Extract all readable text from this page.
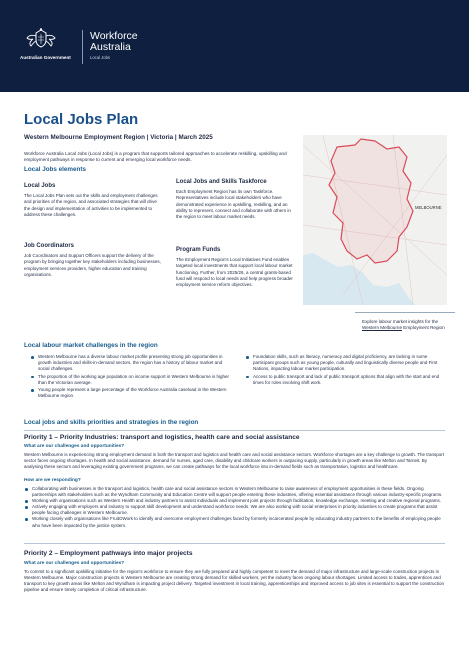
Australian Government
Workforce
Australia
Local Jobs
Local Jobs Plan
Western Melbourne Employment Region | Victoria | March 2025
Workforce Australia Local Jobs (Local Jobs) is a program that supports tailored approaches to accelerate reskilling, upskilling and employment pathways in response to current and emerging local workforce needs.
Local Jobs elements
Local Jobs
The Local Jobs Plan sets out the skills and employment challenges and priorities of the region, and associated strategies that will drive the design and implementation of activities to be implemented to address these challenges.
Job Coordinators
Job Coordinators and Support Officers support the delivery of the program by bringing together key stakeholders including businesses, employment services providers, higher education and training organisations.
Local Jobs and Skills Taskforce
Each Employment Region has its own Taskforce. Representatives include local stakeholders who have demonstrated experience in upskilling, reskilling, and an ability to represent, connect and collaborate with others in the region to meet labour market needs.
Program Funds
The Employment Region's Local Initiatives Fund enables targeted local investments that support local labour market functioning. Further, from 2025/26, a central grants-based fund will respond to local needs and help progress broader employment service reform objectives.
MELBOURNE
Explore labour market insights for the Western Melbourne Employment Region
Local labour market challenges in the region
Western Melbourne has a diverse labour market profile presenting strong job opportunities in growth industries and skills-in-demand sectors, the region has a history of labour market and social challenges.
The proportion of the working age population on income support in Western Melbourne is higher than the Victorian average.
Young people represent a large percentage of the Workforce Australia caseload in the Western Melbourne region.
Foundation skills, such as literacy, numeracy and digital proficiency, are lacking in some participant groups such as young people, culturally and linguistically diverse people and First Nations, impacting labour market participation.
Access to public transport and lack of public transport options that align with the start and end times for roles involving shift work.
Local jobs and skills priorities and strategies in the region
Priority 1 – Priority Industries: transport and logistics, health care and social assistance
What are our challenges and opportunities?
Western Melbourne is experiencing strong employment demand in both the transport and logistics and health care and social assistance sectors. Workforce shortages are a key challenge to growth. The transport sector faces ongoing shortages. In health and social assistance, demand for nurses, aged care, disability and childcare workers is outpacing supply, particularly in growth areas like Melton and Tarneit. By analysing these sectors and leveraging existing government programs, we can create pathways for the local workforce into in-demand fields such as transportation, logistics and healthcare.
How are we responding?
Collaborating with businesses in the transport and logistics, health care and social assistance sectors in Western Melbourne to raise awareness of employment opportunities in these fields. Ongoing partnerships with stakeholders such as the Wyndham Community and Education Centre will support people entering these industries, offering essential assistance through various industry-specific programs.
Working with organisations such as Western Health and industry partners to assist individuals and implement joint projects through facilitation, knowledge exchange, meeting and creative regional programs.
Actively engaging with employers and industry to support skill development and understand workforce needs. We are also working with social enterprises in priority industries to create programs that assist people facing challenges in Western Melbourne.
Working closely with organisations like FruitOWork to identify and overcome employment challenges faced by formerly incarcerated people by educating industry partners to the benefits of employing people who have been impacted by the justice system.
Priority 2 – Employment pathways into major projects
What are our challenges and opportunities?
To commit to a significant upskilling initiative for the region's workforce to ensure they are fully prepared and highly competent to meet the demand of major infrastructure and large-scale construction projects in Western Melbourne. Major construction projects in Western Melbourne are creating strong demand for skilled workers, yet the industry faces ongoing labour shortages. Limited access to trades, apprentices and transport to key growth areas like Melton and Wyndham is impacting project delivery. Targeted investment in local training, apprenticeships and improved access to job sites is essential to support the construction pipeline and ensure timely completion of critical infrastructure.
